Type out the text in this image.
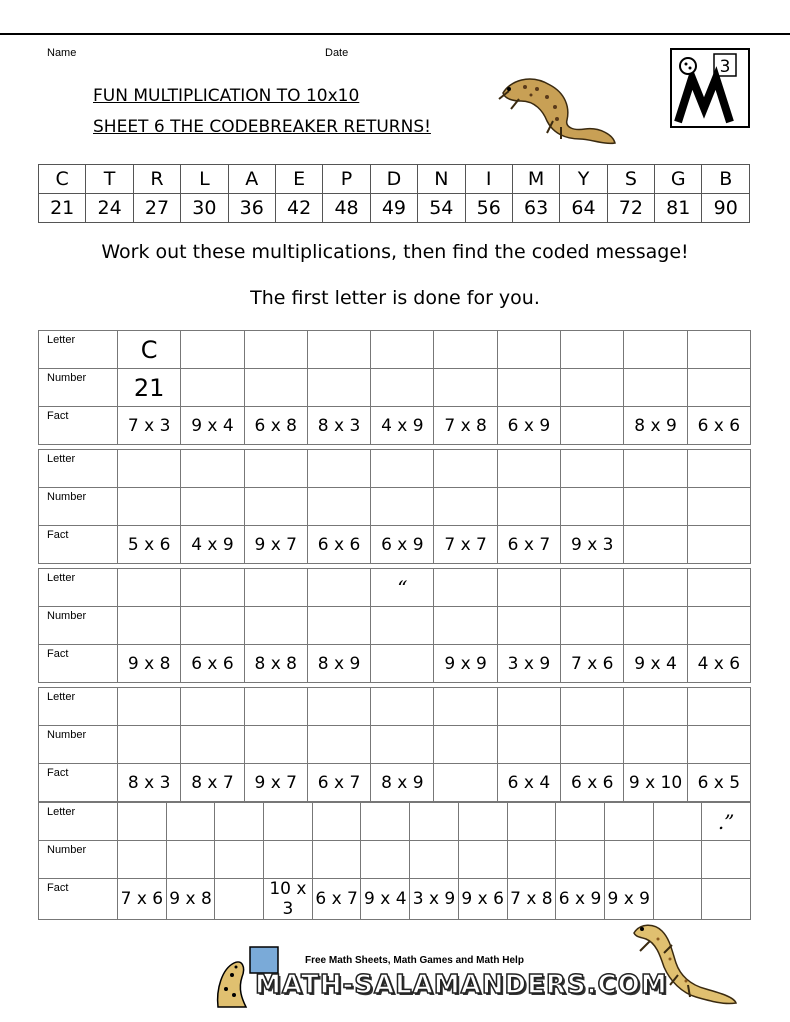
Name	Date
FUN MULTIPLICATION TO 10x10
SHEET 6 THE CODEBREAKER RETURNS!
3
C	T	R	L	A	E	P	D	N	I	M	Y	S	G	B
21	24	27	30	36	42	48	49	54	56	63	64	72	81	90
Work out these multiplications, then find the coded message!
The first letter is done for you.
Letter	C									
Number	21									
Fact	7 x 3	9 x 4	6 x 8	8 x 3	4 x 9	7 x 8	6 x 9		8 x 9	6 x 6
Letter										
Number										
Fact	5 x 6	4 x 9	9 x 7	6 x 6	6 x 9	7 x 7	6 x 7	9 x 3		
Letter					“					
Number										
Fact	9 x 8	6 x 6	8 x 8	8 x 9		9 x 9	3 x 9	7 x 6	9 x 4	4 x 6
Letter										
Number										
Fact	8 x 3	8 x 7	9 x 7	6 x 7	8 x 9		6 x 4	6 x 6	9 x 10	6 x 5
Letter													.”
Number													
Fact	7 x 6	9 x 8		10 x 3	6 x 7	9 x 4	3 x 9	9 x 6	7 x 8	6 x 9	9 x 9		
Free Math Sheets, Math Games and Math Help
MATH-SALAMANDERS.COM
